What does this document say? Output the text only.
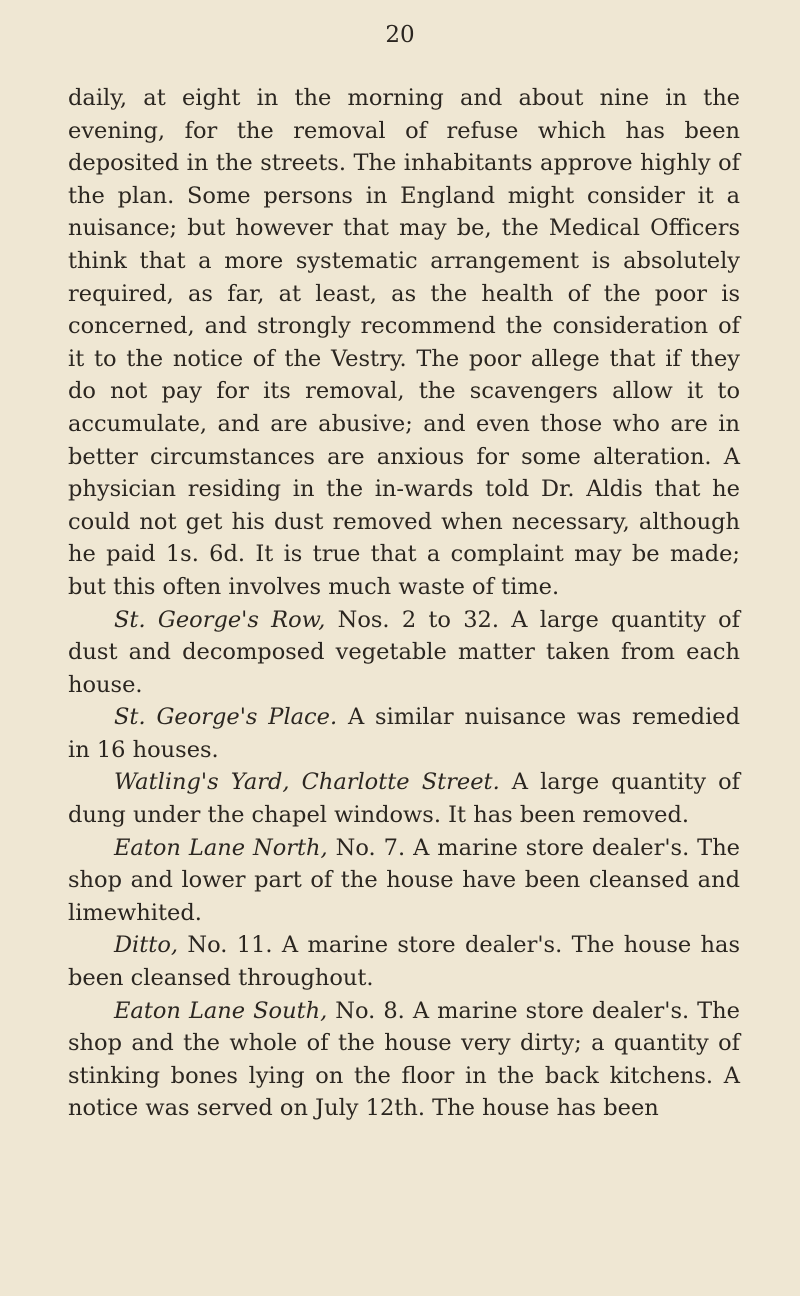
20

daily, at eight in the morning and about nine in the evening, for the removal of refuse which has been deposited in the streets. The inhabitants approve highly of the plan. Some persons in England might consider it a nuisance; but however that may be, the Medical Officers think that a more systematic arrangement is absolutely required, as far, at least, as the health of the poor is concerned, and strongly recommend the consideration of it to the notice of the Vestry. The poor allege that if they do not pay for its removal, the scavengers allow it to accumulate, and are abusive; and even those who are in better circumstances are anxious for some alteration. A physician residing in the in-wards told Dr. Aldis that he could not get his dust removed when necessary, although he paid 1s. 6d. It is true that a complaint may be made; but this often involves much waste of time.

St. George's Row, Nos. 2 to 32. A large quantity of dust and decomposed vegetable matter taken from each house.

St. George's Place. A similar nuisance was remedied in 16 houses.

Watling's Yard, Charlotte Street. A large quantity of dung under the chapel windows. It has been removed.

Eaton Lane North, No. 7. A marine store dealer's. The shop and lower part of the house have been cleansed and limewhited.

Ditto, No. 11. A marine store dealer's. The house has been cleansed throughout.

Eaton Lane South, No. 8. A marine store dealer's. The shop and the whole of the house very dirty; a quantity of stinking bones lying on the floor in the back kitchens. A notice was served on July 12th. The house has been
